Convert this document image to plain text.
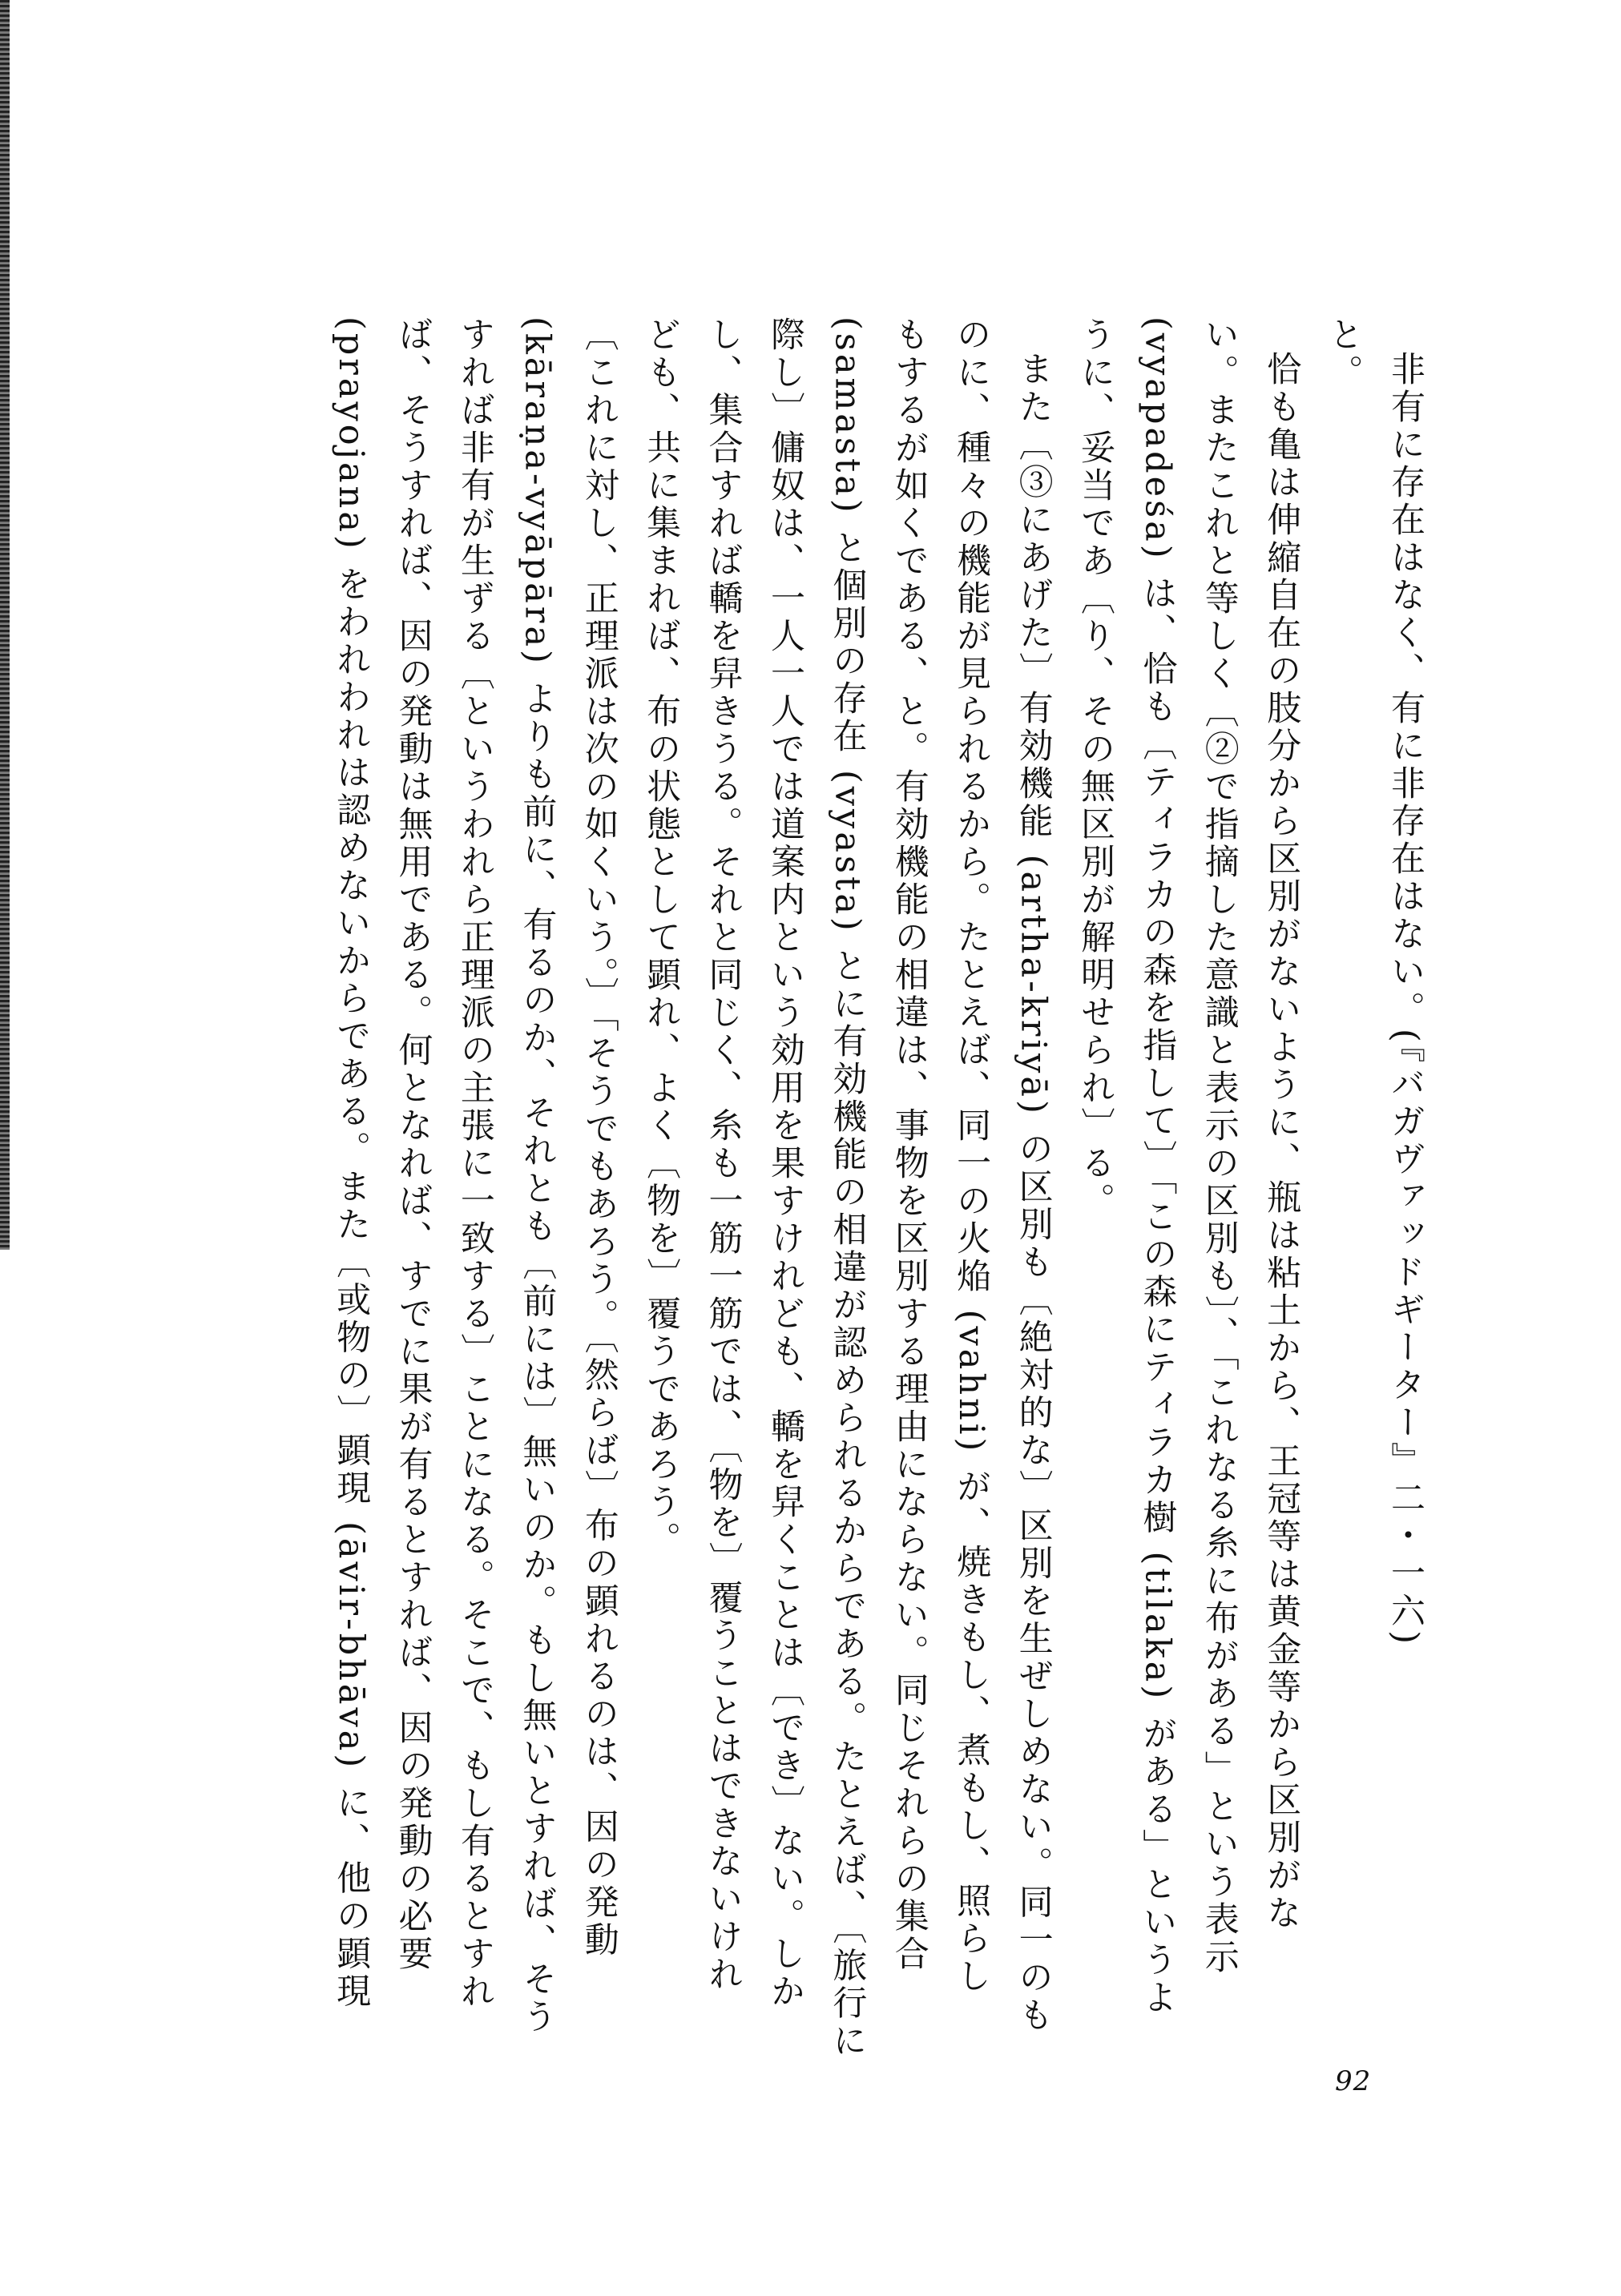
非有に存在はなく、有に非存在はない。(『バガヴァッドギーター』二・一六)
と。
恰も亀は伸縮自在の肢分から区別がないように、瓶は粘土から、王冠等は黄金等から区別がな
い。またこれと等しく〔②で指摘した意識と表示の区別も〕、「これなる糸に布がある」という表示
(vyapadeśa) は、恰も〔ティラカの森を指して〕「この森にティラカ樹 (tilaka) がある」というよ
うに、妥当であ〔り、その無区別が解明せられ〕る。
また〔③にあげた〕有効機能 (artha-kriyā) の区別も〔絶対的な〕区別を生ぜしめない。同一のも
のに、種々の機能が見られるから。たとえば、同一の火焔 (vahni) が、焼きもし、煮もし、照らし
もするが如くである、と。有効機能の相違は、事物を区別する理由にならない。同じそれらの集合
(samasta) と個別の存在 (vyasta) とに有効機能の相違が認められるからである。たとえば、〔旅行に
際し〕傭奴は、一人一人では道案内という効用を果すけれども、轎を舁くことは〔でき〕ない。しか
し、集合すれば轎を舁きうる。それと同じく、糸も一筋一筋では、〔物を〕覆うことはできないけれ
ども、共に集まれば、布の状態として顕れ、よく〔物を〕覆うであろう。
〔これに対し、正理派は次の如くいう。〕「そうでもあろう。〔然らば〕布の顕れるのは、因の発動
(kāraṇa-vyāpāra) よりも前に、有るのか、それとも〔前には〕無いのか。もし無いとすれば、そう
すれば非有が生ずる〔というわれら正理派の主張に一致する〕ことになる。そこで、もし有るとすれ
ば、そうすれば、因の発動は無用である。何となれば、すでに果が有るとすれば、因の発動の必要
(prayojana) をわれわれは認めないからである。また〔或物の〕顕現 (āvir-bhāva) に、他の顕現
92
